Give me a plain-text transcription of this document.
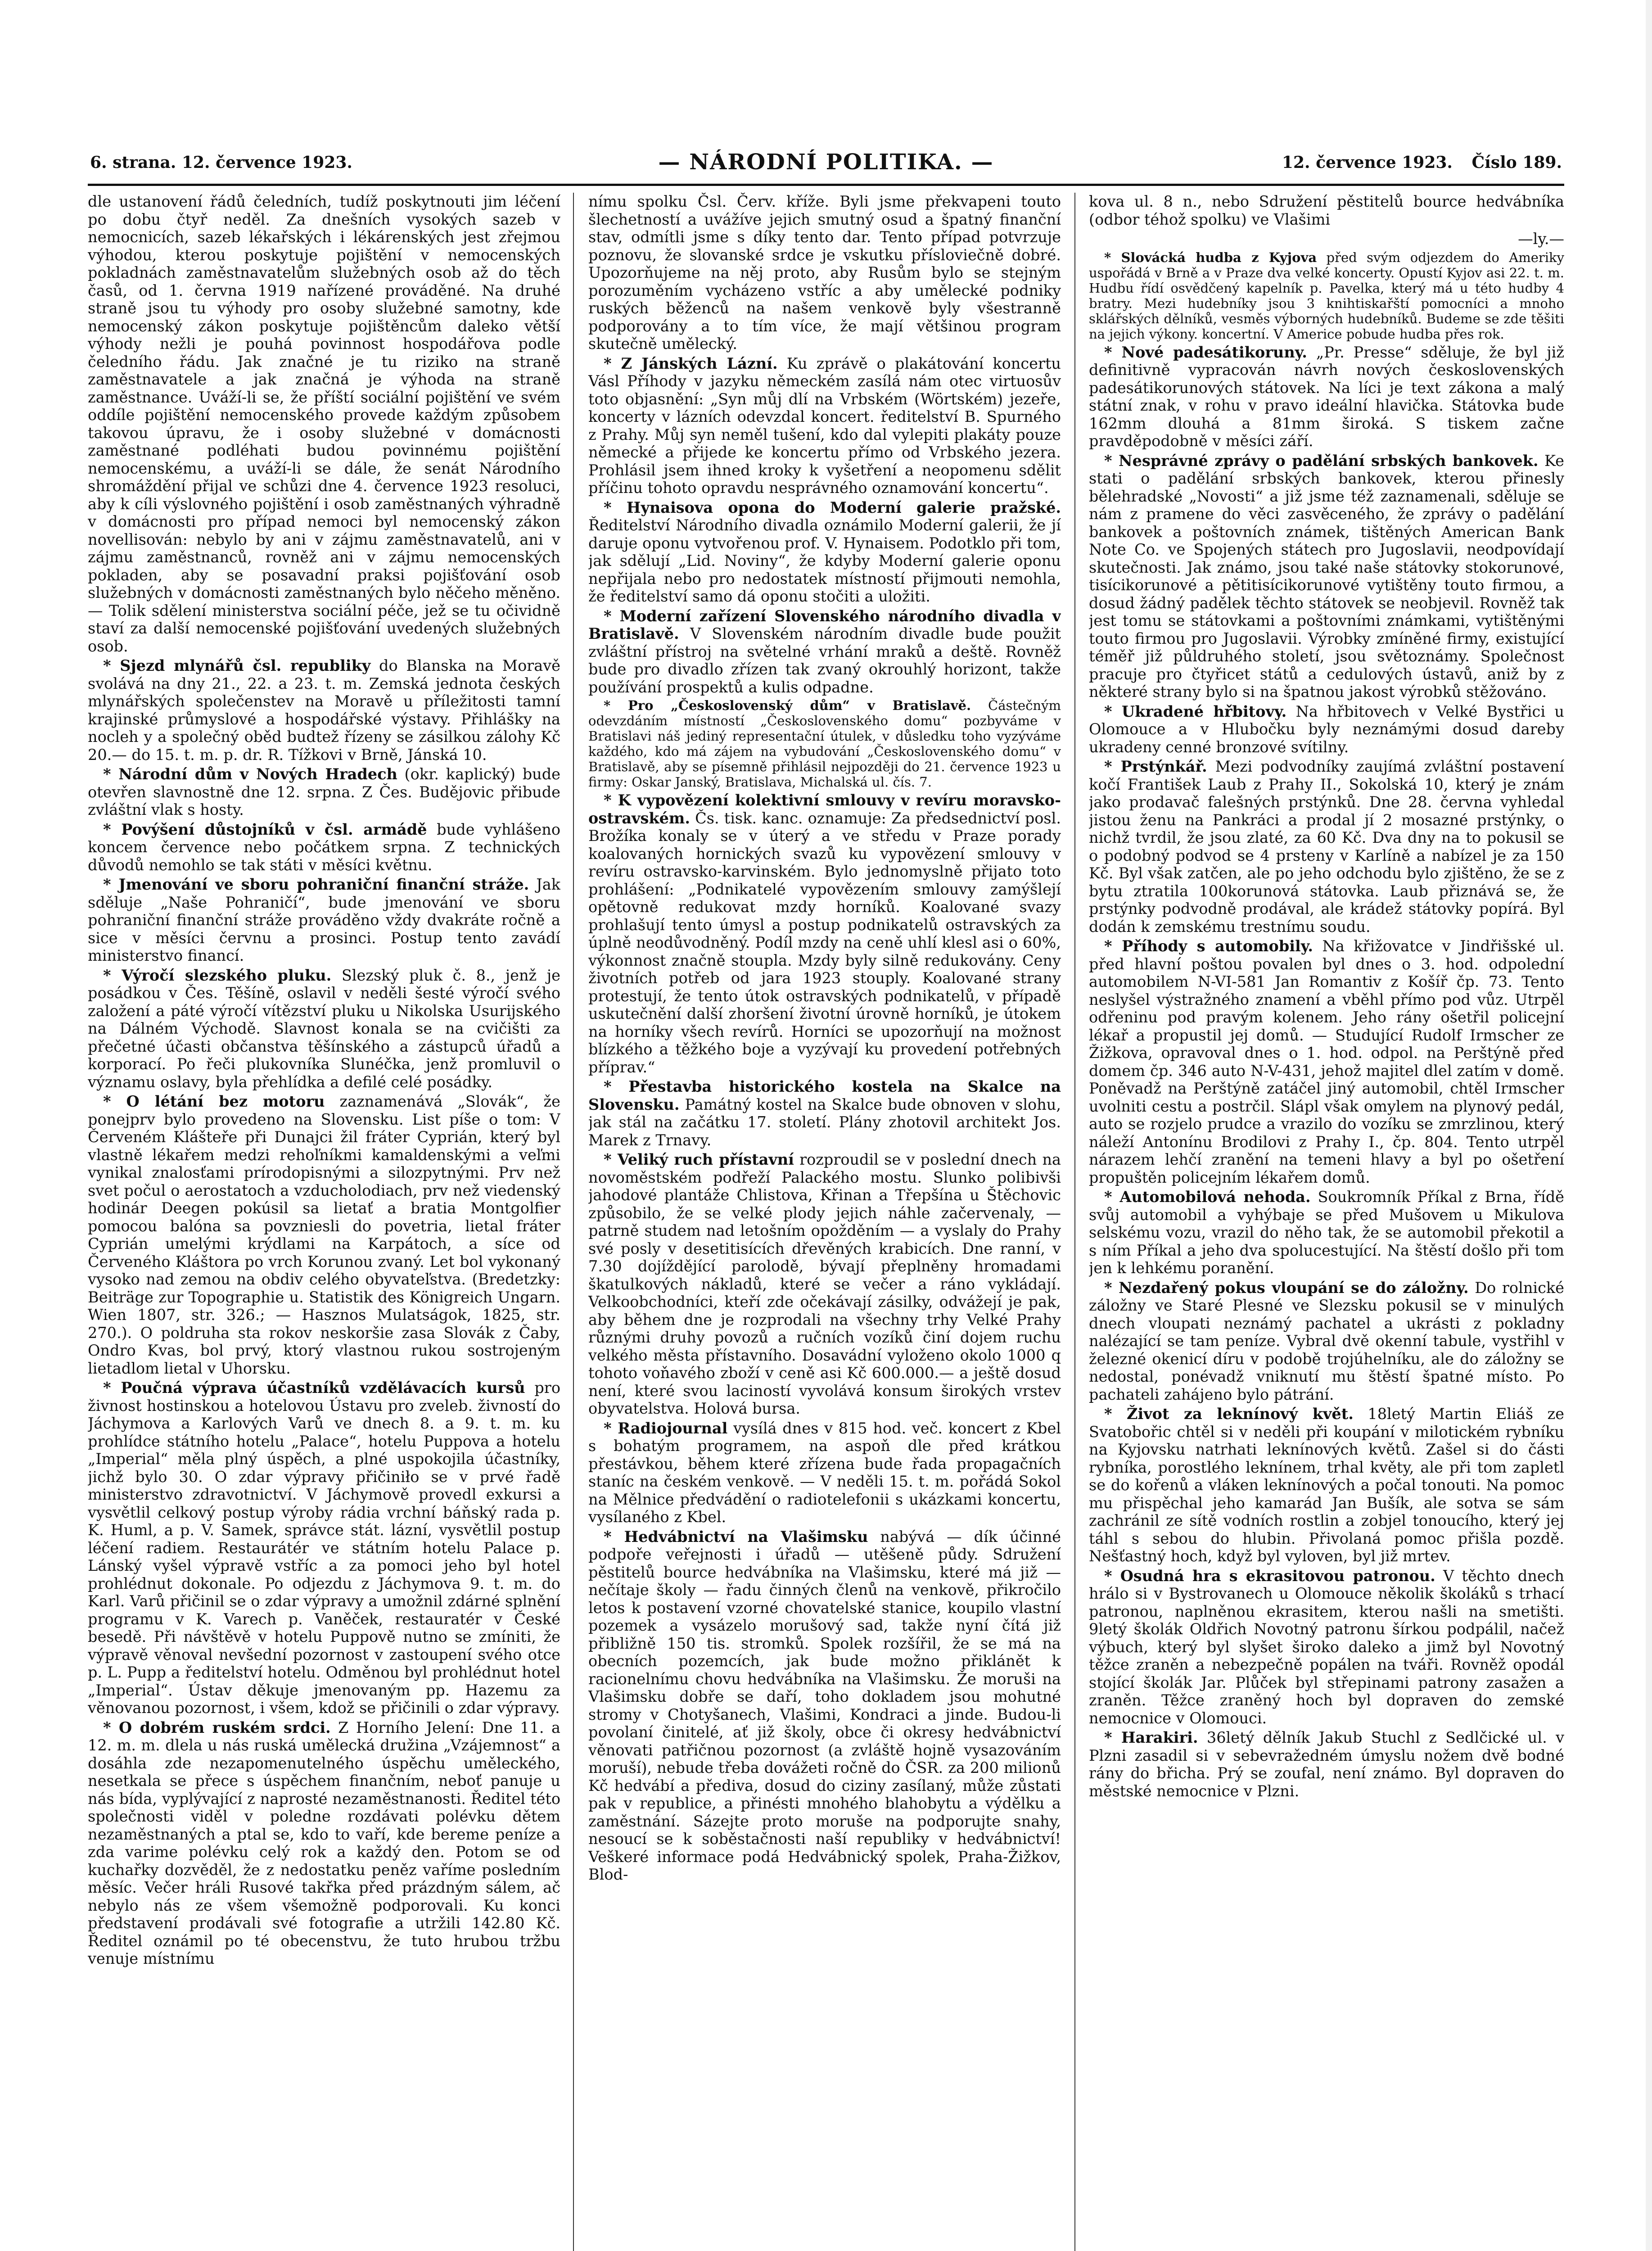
6. strana. 12. července 1923.	— NÁRODNÍ POLITIKA. —	12. července 1923. Číslo 189.

dle ustanovení řádů čeledních, tudíž poskytnouti jim léčení po dobu čtyř neděl. Za dnešních vysokých sazeb v nemocnicích, sazeb lékařských i lékárenských jest zřejmou výhodou, kterou poskytuje pojištění v nemocenských pokladnách zaměstnavatelům služebných osob až do těch časů, od 1. června 1919 nařízené prováděné. Na druhé straně jsou tu výhody pro osoby služebné samotny, kde nemocenský zákon poskytuje pojištěncům daleko větší výhody nežli je pouhá povinnost hospodářova podle čeledního řádu. Jak značné je tu riziko na straně zaměstnavatele a jak značná je výhoda na straně zaměstnance. Uváží-li se, že příští sociální pojištění ve svém oddíle pojištění nemocenského provede každým způsobem takovou úpravu, že i osoby služebné v domácnosti zaměstnané podléhati budou povinnému pojištění nemocenskému, a uváží-li se dále, že senát Národního shromáždění přijal ve schůzi dne 4. července 1923 resoluci, aby k cíli výslovného pojištění i osob zaměstnaných výhradně v domácnosti pro případ nemoci byl nemocenský zákon novellisován: nebylo by ani v zájmu zaměstnavatelů, ani v zájmu zaměstnanců, rovněž ani v zájmu nemocenských pokladen, aby se posavadní praksi pojišťování osob služebných v domácnosti zaměstnaných bylo něčeho měněno. — Tolik sdělení ministerstva sociální péče, jež se tu očividně staví za další nemocenské pojišťování uvedených služebných osob.

* Sjezd mlynářů čsl. republiky do Blanska na Moravě svolává na dny 21., 22. a 23. t. m. Zemská jednota českých mlynářských společenstev na Moravě u příležitosti tamní krajinské průmyslové a hospodářské výstavy. Přihlášky na nocleh y a společný oběd budtež řízeny se zásilkou zálohy Kč 20.— do 15. t. m. p. dr. R. Tížkovi v Brně, Jánská 10.

* Národní dům v Nových Hradech (okr. kaplický) bude otevřen slavnostně dne 12. srpna. Z Čes. Budějovic přibude zvláštní vlak s hosty.

* Povýšení důstojníků v čsl. armádě bude vyhlášeno koncem července nebo počátkem srpna. Z technických důvodů nemohlo se tak státi v měsíci květnu.

* Jmenování ve sboru pohraniční finanční stráže. Jak sděluje „Naše Pohraničí“, bude jmenování ve sboru pohraniční finanční stráže prováděno vždy dvakráte ročně a sice v měsíci červnu a prosinci. Postup tento zavádí ministerstvo financí.

* Výročí slezského pluku. Slezský pluk č. 8., jenž je posádkou v Čes. Těšíně, oslavil v neděli šesté výročí svého založení a páté výročí vítězství pluku u Nikolska Usurijského na Dálném Východě. Slavnost konala se na cvičišti za přečetné účasti občanstva těšínského a zástupců úřadů a korporací. Po řeči plukovníka Slunéčka, jenž promluvil o významu oslavy, byla přehlídka a defilé celé posádky.

* O létání bez motoru zaznamenává „Slovák“, že ponejprv bylo provedeno na Slovensku. List píše o tom: V Červeném Klášteře při Dunajci žil fráter Cyprián, který byl vlastně lékařem medzi rehoľníkmi kamaldenskými a veľmi vynikal znalosťami prírodopisnými a silozpytnými. Prv než svet počul o aerostatoch a vzducholodiach, prv než viedenský hodinár Deegen pokúsil sa lietať a bratia Montgolfier pomocou balóna sa povzniesli do povetria, lietal fráter Cyprián umelými krýdlami na Karpátoch, a síce od Červeného Kláštora po vrch Korunou zvaný. Let bol vykonaný vysoko nad zemou na obdiv celého obyvateľstva. (Bredetzky: Beiträge zur Topographie u. Statistik des Königreich Ungarn. Wien 1807, str. 326.; — Hasznos Mulatságok, 1825, str. 270.). O poldruha sta rokov neskoršie zasa Slovák z Čaby, Ondro Kvas, bol prvý, ktorý vlastnou rukou sostrojeným lietadlom lietal v Uhorsku.

* Poučná výprava účastníků vzdělávacích kursů pro živnost hostinskou a hotelovou Ústavu pro zveleb. živností do Jáchymova a Karlových Varů ve dnech 8. a 9. t. m. ku prohlídce státního hotelu „Palace“, hotelu Puppova a hotelu „Imperial“ měla plný úspěch, a plné uspokojila účastníky, jichž bylo 30. O zdar výpravy přičiniło se v prvé řadě ministerstvo zdravotnictví. V Jáchymově provedl exkursi a vysvětlil celkový postup výroby rádia vrchní báňský rada p. K. Huml, a p. V. Samek, správce stát. lázní, vysvětlil postup léčení radiem. Restaurátér ve státním hotelu Palace p. Lánský vyšel výpravě vstříc a za pomoci jeho byl hotel prohlédnut dokonale. Po odjezdu z Jáchymova 9. t. m. do Karl. Varů přičinil se o zdar výpravy a umožnil zdárné splnění programu v K. Varech p. Vaněček, restauratér v České besedě. Při návštěvě v hotelu Puppově nutno se zmíniti, že výpravě věnoval nevšední pozornost v zastoupení svého otce p. L. Pupp a ředitelství hotelu. Odměnou byl prohlédnut hotel „Imperial“. Ústav děkuje jmenovaným pp. Hazemu za věnovanou pozornost, i všem, kdož se přičinili o zdar výpravy.

* O dobrém ruském srdci. Z Horního Jelení: Dne 11. a 12. m. m. dlela u nás ruská umělecká družina „Vzájemnost“ a dosáhla zde nezapomenutelného úspěchu uměleckého, nesetkala se přece s úspěchem finančním, neboť panuje u nás bída, vyplývající z naprosté nezaměstnanosti. Ředitel této společnosti viděl v poledne rozdávati polévku dětem nezaměstnaných a ptal se, kdo to vaří, kde bereme peníze a zda varime polévku celý rok a každý den. Potom se od kuchařky dozvěděl, že z nedostatku peněz vaříme posledním měsíc. Večer hráli Rusové takřka před prázdným sálem, ač nebylo nás ze všem všemožně podporovali. Ku konci představení prodávali své fotografie a utržili 142.80 Kč. Ředitel oznámil po té obecenstvu, že tuto hrubou tržbu venuje místnímu

nímu spolku Čsl. Červ. kříže. Byli jsme překvapeni touto šlechetností a uvážíve jejich smutný osud a špatný finanční stav, odmítli jsme s díky tento dar. Tento případ potvrzuje poznovu, že slovanské srdce je vskutku přísloviečně dobré. Upozorňujeme na něj proto, aby Rusům bylo se stejným porozuměním vycházeno vstříc a aby umělecké podniky ruských běženců na našem venkově byly všestranně podporovány a to tím více, že mají většinou program skutečně umělecký.

* Z Jánských Lázní. Ku zprávě o plakátování koncertu Vásl Příhody v jazyku německém zasílá nám otec virtuosův toto objasnění: „Syn můj dlí na Vrbském (Wörtském) jezeře, koncerty v lázních odevzdal koncert. ředitelství B. Spurného z Prahy. Můj syn neměl tušení, kdo dal vylepiti plakáty pouze německé a přijede ke koncertu přímo od Vrbského jezera. Prohlásil jsem ihned kroky k vyšetření a neopomenu sdělit příčinu tohoto opravdu nesprávného oznamování koncertu“.

* Hynaisova opona do Moderní galerie pražské. Ředitelství Národního divadla oznámilo Moderní galerii, že jí daruje oponu vytvořenou prof. V. Hynaisem. Podotklo při tom, jak sdělují „Lid. Noviny“, že kdyby Moderní galerie oponu nepřijala nebo pro nedostatek místností přijmouti nemohla, že ředitelství samo dá oponu stočiti a uložiti.

* Moderní zařízení Slovenského národního divadla v Bratislavě. V Slovenském národním divadle bude použit zvláštní přístroj na světelné vrhání mraků a deště. Rovněž bude pro divadlo zřízen tak zvaný okrouhlý horizont, takže používání prospektů a kulis odpadne.

* Pro „Československý dům“ v Bratislavě. Částečným odevzdáním místností „Československého domu“ pozbyváme v Bratislavi náš jediný representační útulek, v důsledku toho vyzýváme každého, kdo má zájem na vybudování „Československého domu“ v Bratislavě, aby se písemně přihlásil nejpozději do 21. července 1923 u firmy: Oskar Janský, Bratislava, Michalská ul. čís. 7.

* K vypovězení kolektivní smlouvy v revíru moravsko-ostravském. Čs. tisk. kanc. oznamuje: Za předsednictví posl. Brožíka konaly se v úterý a ve středu v Praze porady koalovaných hornických svazů ku vypovězení smlouvy v revíru ostravsko-karvinském. Bylo jednomyslně přijato toto prohlášení: „Podnikatelé vypovězením smlouvy zamýšlejí opětovně redukovat mzdy horníků. Koalované svazy prohlašují tento úmysl a postup podnikatelů ostravských za úplně neodůvodněný. Podíl mzdy na ceně uhlí klesl asi o 60%, výkonnost značně stoupla. Mzdy byly silně redukovány. Ceny životních potřeb od jara 1923 stouply. Koalované strany protestují, že tento útok ostravských podnikatelů, v případě uskutečnění další zhoršení životní úrovně horníků, je útokem na horníky všech revírů. Horníci se upozorňují na možnost blízkého a těžkého boje a vyzývají ku provedení potřebných příprav.“

* Přestavba historického kostela na Skalce na Slovensku. Památný kostel na Skalce bude obnoven v slohu, jak stál na začátku 17. století. Plány zhotovil architekt Jos. Marek z Trnavy.

* Veliký ruch přístavní rozproudil se v poslední dnech na novoměstském podřeží Palackého mostu. Slunko polibivši jahodové plantáže Chlistova, Křinan a Třepšína u Štěchovic způsobilo, že se velké plody jejich náhle začervenaly, — patrně studem nad letošním opožděním — a vyslaly do Prahy své posly v desetitisících dřevěných krabicích. Dne ranní, v 7.30 dojíždějící parolodě, bývají přeplněny hromadami škatulkových nákladů, které se večer a ráno vykládají. Velkoobchodníci, kteří zde očekávají zásilky, odvážejí je pak, aby během dne je rozprodali na všechny trhy Velké Prahy různými druhy povozů a ručních vozíků činí dojem ruchu velkého města přístavního. Dosavádní vyloženo okolo 1000 q tohoto voňavého zboží v ceně asi Kč 600.000.— a ještě dosud není, které svou laciností vyvolává konsum širokých vrstev obyvatelstva. Holová bursa.

* Radiojournal vysílá dnes v 815 hod. več. koncert z Kbel s bohatým programem, na aspoň dle před krátkou přestávkou, během které zřízena bude řada propagačních staníc na českém venkově. — V neděli 15. t. m. pořádá Sokol na Mělnice předvádění o radiotelefonii s ukázkami koncertu, vysílaného z Kbel.

* Hedvábnictví na Vlašimsku nabývá — dík účinné podpoře veřejnosti i úřadů — utěšeně půdy. Sdružení pěstitelů bource hedvábníka na Vlašimsku, které má již — nečítaje školy — řadu činných členů na venkově, přikročilo letos k postavení vzorné chovatelské stanice, koupilo vlastní pozemek a vysázelo morušový sad, takže nyní čítá již přibližně 150 tis. stromků. Spolek rozšířil, že se má na obecních pozemcích, jak bude možno přiklánět k racionelnímu chovu hedvábníka na Vlašimsku. Že moruši na Vlašimsku dobře se daří, toho dokladem jsou mohutné stromy v Chotyšanech, Vlašimi, Kondraci a jinde. Budou-li povolaní činitelé, ať již školy, obce či okresy hedvábnictví věnovati patřičnou pozornost (a zvláště hojně vysazováním moruší), nebude třeba dovážeti ročně do ČSR. za 200 milionů Kč hedvábí a přediva, dosud do ciziny zasílaný, může zůstati pak v republice, a přinésti mnohého blahobytu a výdělku a zaměstnání. Sázejte proto moruše na podporujte snahy, nesoucí se k soběstačnosti naší republiky v hedvábnictví! Veškeré informace podá Hedvábnický spolek, Praha-Žižkov, Blod-

kova ul. 8 n., nebo Sdružení pěstitelů bource hedvábníka (odbor téhož spolku) ve Vlašimi

—ly.—

* Slovácká hudba z Kyjova před svým odjezdem do Ameriky uspořádá v Brně a v Praze dva velké koncerty. Opustí Kyjov asi 22. t. m. Hudbu řídí osvědčený kapelník p. Pavelka, který má u této hudby 4 bratry. Mezi hudebníky jsou 3 knihtiskařští pomocníci a mnoho sklářských dělníků, vesměs výborných hudebníků. Budeme se zde těšiti na jejich výkony. koncertní. V Americe pobude hudba přes rok.

* Nové padesátikoruny. „Pr. Presse“ sděluje, že byl již definitivně vypracován návrh nových československých padesátikorunových státovek. Na líci je text zákona a malý státní znak, v rohu v pravo ideální hlavička. Státovka bude 162mm dlouhá a 81mm široká. S tiskem začne pravděpodobně v měsíci září.

* Nesprávné zprávy o padělání srbských bankovek. Ke stati o padělání srbských bankovek, kterou přinesly bělehradské „Novosti“ a již jsme též zaznamenali, sděluje se nám z pramene do věci zasvěceného, že zprávy o padělání bankovek a poštovních známek, tištěných American Bank Note Co. ve Spojených státech pro Jugoslavii, neodpovídají skutečnosti. Jak známo, jsou také naše státovky stokorunové, tisícikorunové a pětitisícikorunové vytištěny touto firmou, a dosud žádný padělek těchto státovek se neobjevil. Rovněž tak jest tomu se státovkami a poštovními známkami, vytištěnými touto firmou pro Jugoslavii. Výrobky zmíněné firmy, existující téměř již půldruhého století, jsou světoznámy. Společnost pracuje pro čtyřicet států a cedulových ústavů, aniž by z některé strany bylo si na špatnou jakost výrobků stěžováno.

* Ukradené hřbitovy. Na hřbitovech v Velké Bystřici u Olomouce a v Hlubočku byly neznámými dosud dareby ukradeny cenné bronzové svítilny.

* Prstýnkář. Mezi podvodníky zaujímá zvláštní postavení kočí František Laub z Prahy II., Sokolská 10, který je znám jako prodavač falešných prstýnků. Dne 28. června vyhledal jistou ženu na Pankráci a prodal jí 2 mosazné prstýnky, o nichž tvrdil, že jsou zlaté, za 60 Kč. Dva dny na to pokusil se o podobný podvod se 4 prsteny v Karlíně a nabízel je za 150 Kč. Byl však zatčen, ale po jeho odchodu bylo zjištěno, že se z bytu ztratila 100korunová státovka. Laub přiznává se, že prstýnky podvodně prodával, ale krádež státovky popírá. Byl dodán k zemskému trestnímu soudu.

* Příhody s automobily. Na křižovatce v Jindřišské ul. před hlavní poštou povalen byl dnes o 3. hod. odpolední automobilem N-VI-581 Jan Romantiv z Košíř čp. 73. Tento neslyšel výstražného znamení a vběhl přímo pod vůz. Utrpěl odřeninu pod pravým kolenem. Jeho rány ošetřil policejní lékař a propustil jej domů. — Studující Rudolf Irmscher ze Žižkova, opravoval dnes o 1. hod. odpol. na Perštýně před domem čp. 346 auto N-V-431, jehož majitel dlel zatím v domě. Poněvadž na Perštýně zatáčel jiný automobil, chtěl Irmscher uvolniti cestu a postrčil. Slápl však omylem na plynový pedál, auto se rozjelo prudce a vrazilo do vozíku se zmrzlinou, který náleží Antonínu Brodilovi z Prahy I., čp. 804. Tento utrpěl nárazem lehčí zranění na temeni hlavy a byl po ošetření propuštěn policejním lékařem domů.

* Automobilová nehoda. Soukromník Příkal z Brna, řídě svůj automobil a vyhýbaje se před Mušovem u Mikulova selskému vozu, vrazil do něho tak, že se automobil překotil a s ním Příkal a jeho dva spolucestující. Na štěstí došlo při tom jen k lehkému poranění.

* Nezdařený pokus vloupání se do záložny. Do rolnické záložny ve Staré Plesné ve Slezsku pokusil se v minulých dnech vloupati neznámý pachatel a ukrásti z pokladny nalézající se tam peníze. Vybral dvě okenní tabule, vystřihl v železné okenicí díru v podobě trojúhelníku, ale do záložny se nedostal, ponévadž vniknutí mu štěstí špatné místo. Po pachateli zahájeno bylo pátrání.

* Život za leknínový květ. 18letý Martin Eliáš ze Svatobořic chtěl si v neděli při koupání v milotickém rybníku na Kyjovsku natrhati leknínových květů. Zašel si do části rybníka, porostlého leknínem, trhal květy, ale při tom zapletl se do kořenů a vláken leknínových a počal tonouti. Na pomoc mu přispěchal jeho kamarád Jan Bušík, ale sotva se sám zachránil ze sítě vodních rostlin a zobjel tonoucího, který jej táhl s sebou do hlubin. Přivolaná pomoc přišla pozdě. Nešťastný hoch, když byl vyloven, byl již mrtev.

* Osudná hra s ekrasitovou patronou. V těchto dnech hrálo si v Bystrovanech u Olomouce několik školáků s trhací patronou, naplněnou ekrasitem, kterou našli na smetišti. 9letý školák Oldřich Novotný patronu šírkou podpálil, načež výbuch, který byl slyšet široko daleko a jimž byl Novotný těžce zraněn a nebezpečně popálen na tváři. Rovněž opodál stojící školák Jar. Plůček byl střepinami patrony zasažen a zraněn. Těžce zraněný hoch byl dopraven do zemské nemocnice v Olomouci.

* Harakiri. 36letý dělník Jakub Stuchl z Sedlčické ul. v Plzni zasadil si v sebevražedném úmyslu nožem dvě bodné rány do břicha. Prý se zoufal, není známo. Byl dopraven do městské nemocnice v Plzni.
